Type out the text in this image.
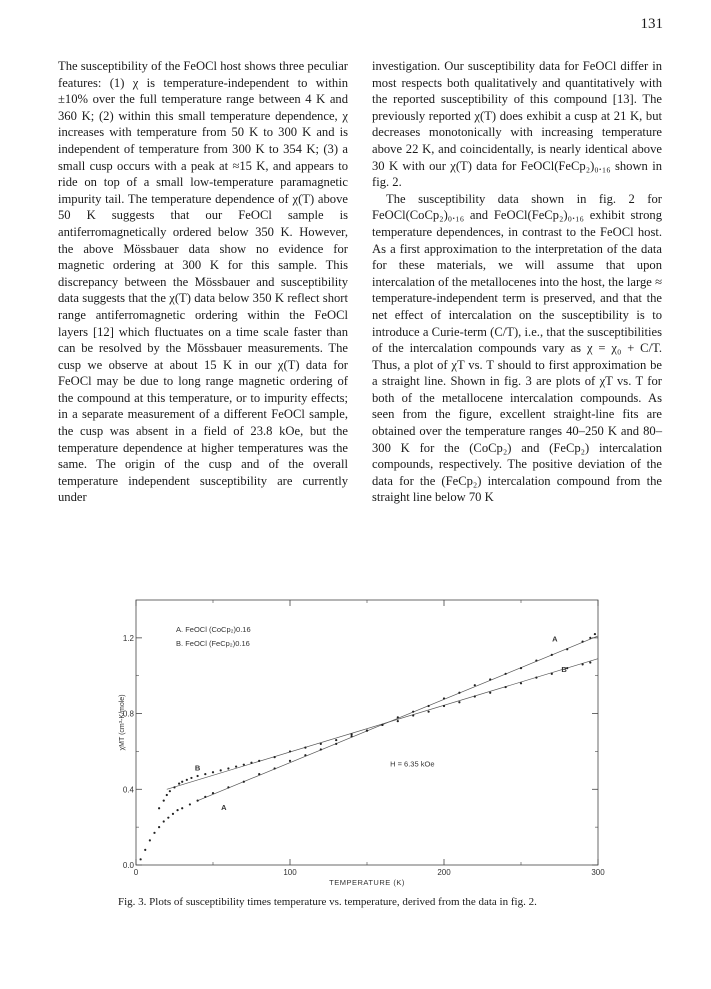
131

The susceptibility of the FeOCl host shows three peculiar features: (1) χ is temperature-independent to within ±10% over the full temperature range between 4 K and 360 K; (2) within this small temperature dependence, χ increases with temperature from 50 K to 300 K and is independent of temperature from 300 K to 354 K; (3) a small cusp occurs with a peak at ≈15 K, and appears to ride on top of a small low-temperature paramagnetic impurity tail. The temperature dependence of χ(T) above 50 K suggests that our FeOCl sample is antiferromagnetically ordered below 350 K. However, the above Mössbauer data show no evidence for magnetic ordering at 300 K for this sample. This discrepancy between the Mössbauer and susceptibility data suggests that the χ(T) data below 350 K reflect short range antiferromagnetic ordering within the FeOCl layers [12] which fluctuates on a time scale faster than can be resolved by the Mössbauer measurements. The cusp we observe at about 15 K in our χ(T) data for FeOCl may be due to long range magnetic ordering of the compound at this temperature, or to impurity effects; in a separate measurement of a different FeOCl sample, the cusp was absent in a field of 23.8 kOe, but the temperature dependence at higher temperatures was the same. The origin of the cusp and of the overall temperature independent susceptibility are currently under

investigation. Our susceptibility data for FeOCl differ in most respects both qualitatively and quantitatively with the reported susceptibility of this compound [13]. The previously reported χ(T) does exhibit a cusp at 21 K, but decreases monotonically with increasing temperature above 22 K, and coincidentally, is nearly identical above 30 K with our χ(T) data for FeOCl(FeCp₂)₀.₁₆ shown in fig. 2.

The susceptibility data shown in fig. 2 for FeOCl(CoCp₂)₀.₁₆ and FeOCl(FeCp₂)₀.₁₆ exhibit strong temperature dependences, in contrast to the FeOCl host. As a first approximation to the interpretation of the data for these materials, we will assume that upon intercalation of the metallocenes into the host, the large ≈ temperature-independent term is preserved, and that the net effect of intercalation on the susceptibility is to introduce a Curie-term (C/T), i.e., that the susceptibilities of the intercalation compounds vary as χ = χ₀ + C/T. Thus, a plot of χT vs. T should to first approximation be a straight line. Shown in fig. 3 are plots of χT vs. T for both of the metallocene intercalation compounds. As seen from the figure, excellent straight-line fits are obtained over the temperature ranges 40–250 K and 80–300 K for the (CoCp₂) and (FeCp₂) intercalation compounds, respectively. The positive deviation of the data for the (FeCp₂) intercalation compound from the straight line below 70 K

0	100	200	300
0.0
0.4
0.8
1.2
TEMPERATURE (K)
χMT (cm³-K/mole)
A
A
B
B
A. FeOCl (CoCp₂)0.16
B. FeOCl (FeCp₂)0.16
H = 6.35 kOe
Fig. 3. Plots of susceptibility times temperature vs. temperature, derived from the data in fig. 2.
